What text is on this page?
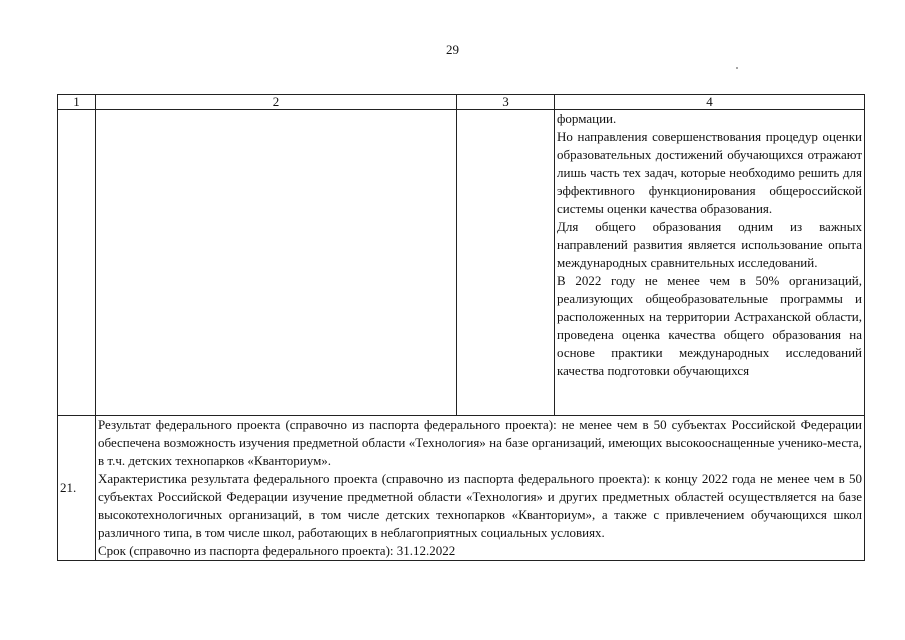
29
1	2	3	4

			формации.

Но направления совершенствования процедур оценки образовательных достижений обучающихся отражают лишь часть тех задач, которые необходимо решить для эффективного функционирования общероссийской системы оценки качества образования.

Для общего образования одним из важных направлений развития является использование опыта международных сравнительных исследований.

В 2022 году не менее чем в 50% организаций, реализующих общеобразовательные программы и расположенных на территории Астраханской области, проведена оценка качества общего образования на основе практики международных исследований качества подготовки обучающихся

21.	Результат федерального проекта (справочно из паспорта федерального проекта): не менее чем в 50 субъектах Российской Федерации обеспечена возможность изучения предметной области «Технология» на базе организаций, имеющих высокооснащенные ученико-места, в т.ч. детских технопарков «Кванториум».

Характеристика результата федерального проекта (справочно из паспорта федерального проекта): к концу 2022 года не менее чем в 50 субъектах Российской Федерации изучение предметной области «Технология» и других предметных областей осуществляется на базе высокотехнологичных организаций, в том числе детских технопарков «Кванториум», а также с привлечением обучающихся школ различного типа, в том числе школ, работающих в неблагоприятных социальных условиях.

Срок (справочно из паспорта федерального проекта): 31.12.2022		
